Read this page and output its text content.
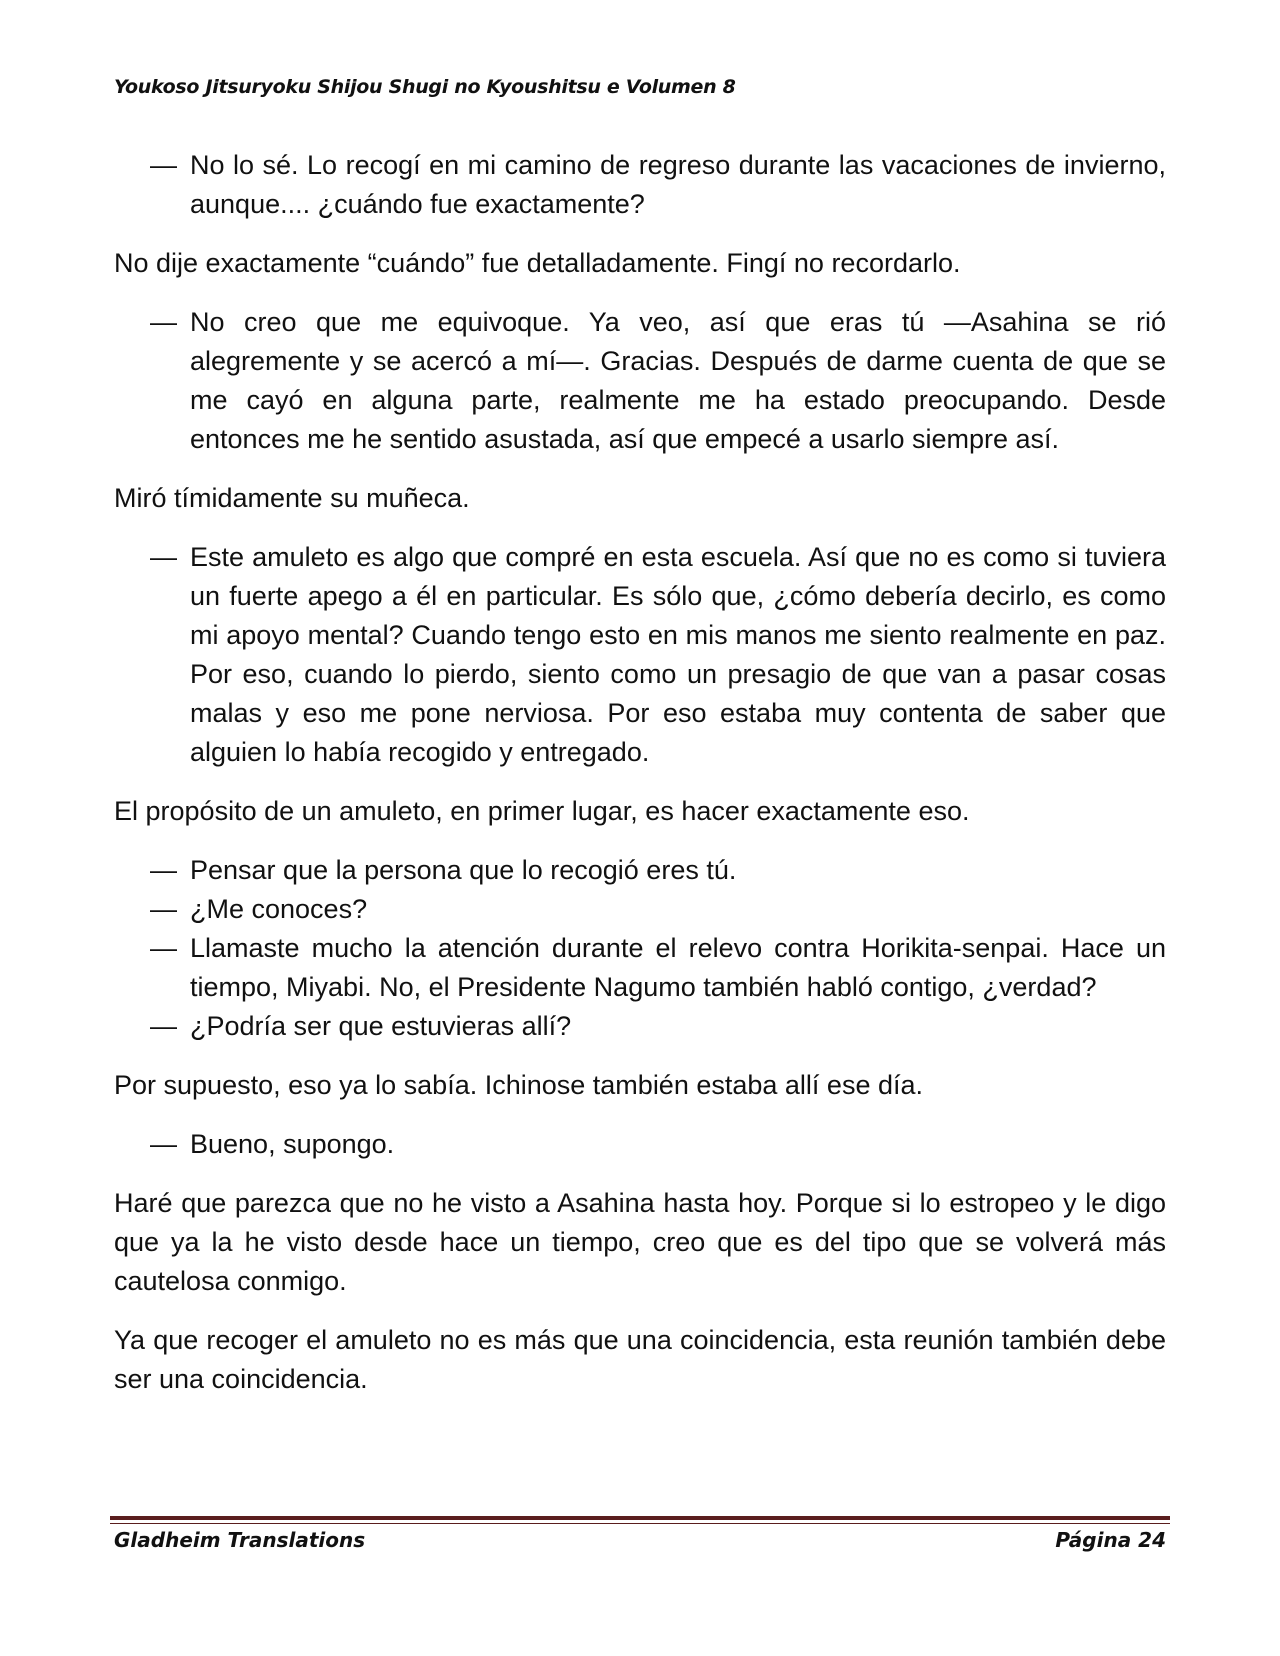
Youkoso Jitsuryoku Shijou Shugi no Kyoushitsu e Volumen 8
— No lo sé. Lo recogí en mi camino de regreso durante las vacaciones de invierno, aunque.... ¿cuándo fue exactamente?

No dije exactamente “cuándo” fue detalladamente. Fingí no recordarlo.

— No creo que me equivoque. Ya veo, así que eras tú —Asahina se rió alegremente y se acercó a mí—. Gracias. Después de darme cuenta de que se me cayó en alguna parte, realmente me ha estado preocupando. Desde entonces me he sentido asustada, así que empecé a usarlo siempre así.

Miró tímidamente su muñeca.

— Este amuleto es algo que compré en esta escuela. Así que no es como si tuviera un fuerte apego a él en particular. Es sólo que, ¿cómo debería decirlo, es como mi apoyo mental? Cuando tengo esto en mis manos me siento realmente en paz. Por eso, cuando lo pierdo, siento como un presagio de que van a pasar cosas malas y eso me pone nerviosa. Por eso estaba muy contenta de saber que alguien lo había recogido y entregado.

El propósito de un amuleto, en primer lugar, es hacer exactamente eso.

— Pensar que la persona que lo recogió eres tú.
— ¿Me conoces?
— Llamaste mucho la atención durante el relevo contra Horikita-senpai. Hace un tiempo, Miyabi. No, el Presidente Nagumo también habló contigo, ¿verdad?
— ¿Podría ser que estuvieras allí?

Por supuesto, eso ya lo sabía. Ichinose también estaba allí ese día.

— Bueno, supongo.

Haré que parezca que no he visto a Asahina hasta hoy. Porque si lo estropeo y le digo que ya la he visto desde hace un tiempo, creo que es del tipo que se volverá más cautelosa conmigo.

Ya que recoger el amuleto no es más que una coincidencia, esta reunión también debe ser una coincidencia.

Gladheim Translations	Página 24
